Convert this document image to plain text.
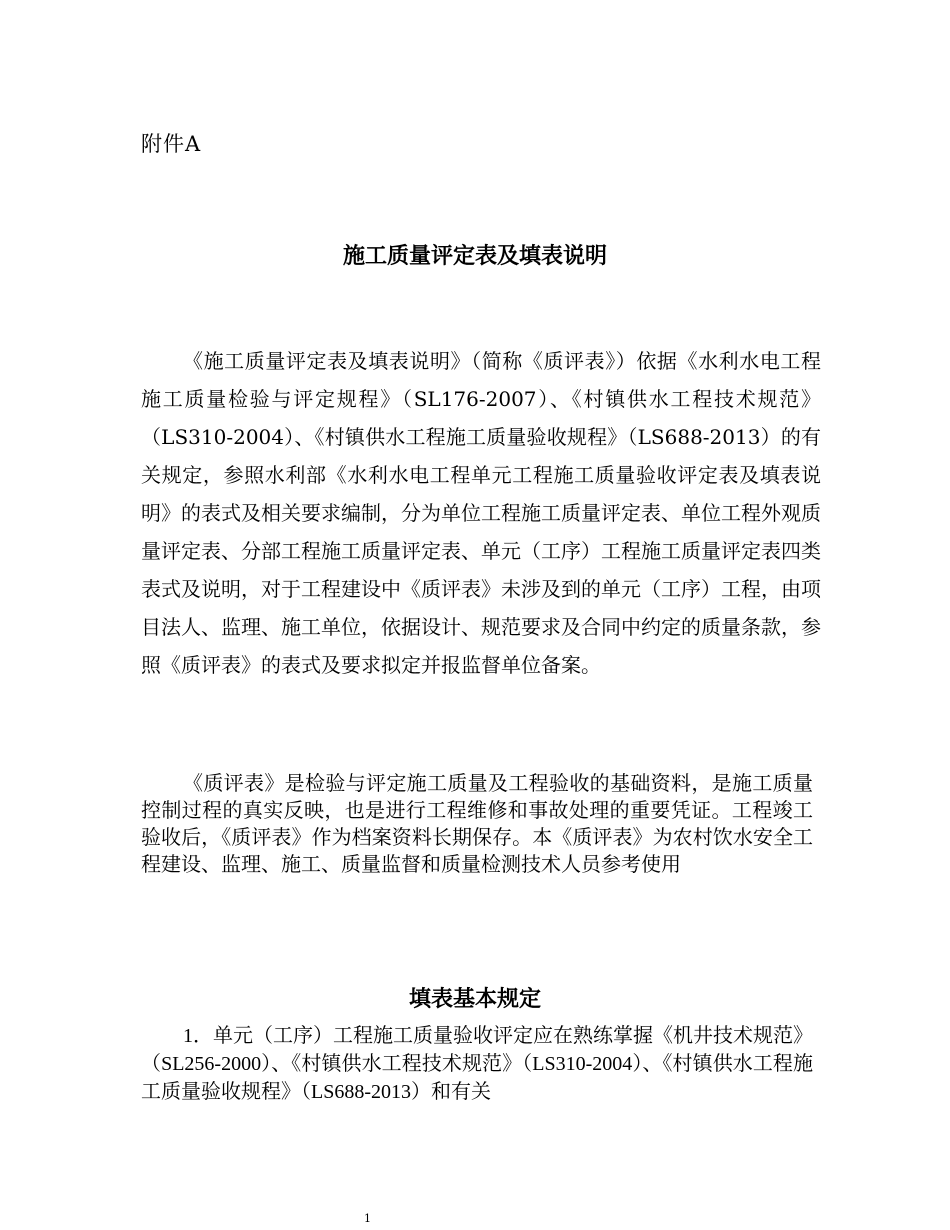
附件A
施工质量评定表及填表说明
《施工质量评定表及填表说明》（简称《质评表》）依据《水利水电工程施工质量检验与评定规程》（SL176-2007）、《村镇供水工程技术规范》（LS310-2004）、《村镇供水工程施工质量验收规程》（LS688-2013）的有关规定，参照水利部《水利水电工程单元工程施工质量验收评定表及填表说明》的表式及相关要求编制，分为单位工程施工质量评定表、单位工程外观质量评定表、分部工程施工质量评定表、单元（工序）工程施工质量评定表四类表式及说明，对于工程建设中《质评表》未涉及到的单元（工序）工程，由项目法人、监理、施工单位，依据设计、规范要求及合同中约定的质量条款，参照《质评表》的表式及要求拟定并报监督单位备案。
《质评表》是检验与评定施工质量及工程验收的基础资料，是施工质量控制过程的真实反映，也是进行工程维修和事故处理的重要凭证。工程竣工验收后，《质评表》作为档案资料长期保存。本《质评表》为农村饮水安全工程建设、监理、施工、质量监督和质量检测技术人员参考使用
填表基本规定
1．单元（工序）工程施工质量验收评定应在熟练掌握《机井技术规范》（SL256-2000）、《村镇供水工程技术规范》（LS310-2004）、《村镇供水工程施工质量验收规程》（LS688-2013）和有关
1
